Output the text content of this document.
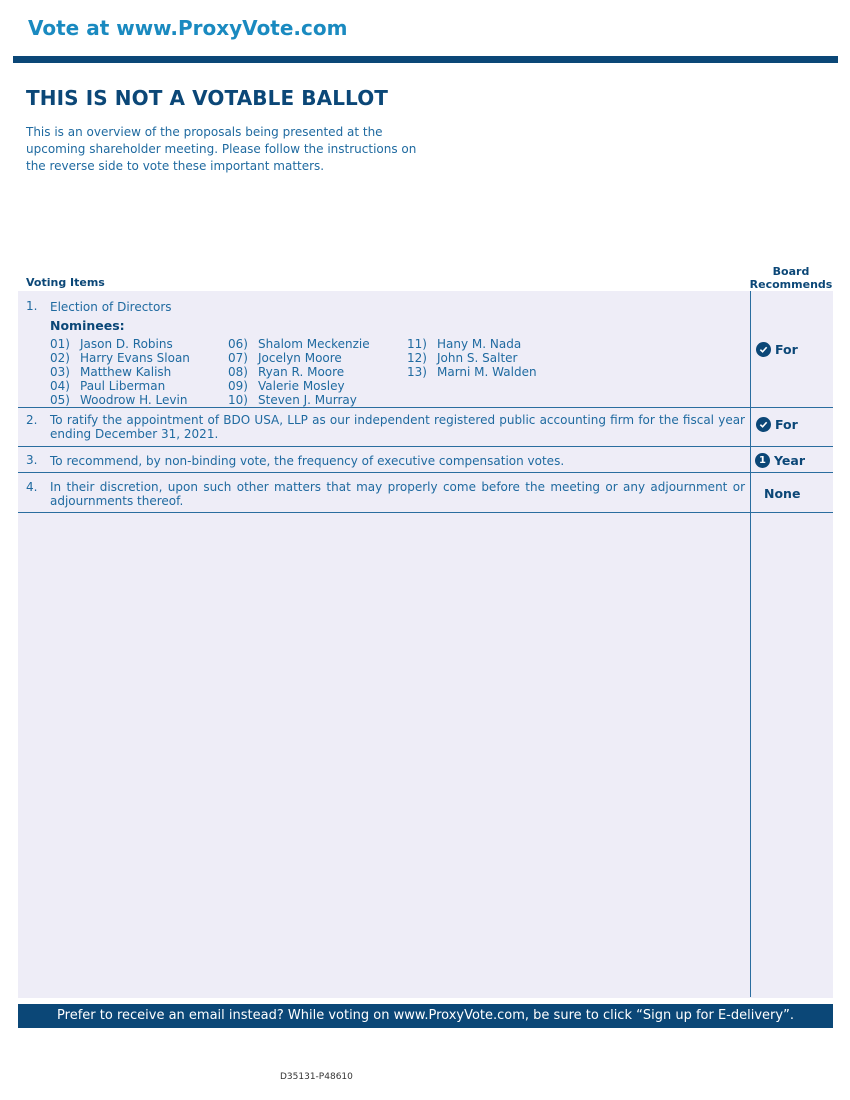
Vote at www.ProxyVote.com
THIS IS NOT A VOTABLE BALLOT
This is an overview of the proposals being presented at the upcoming shareholder meeting. Please follow the instructions on the reverse side to vote these important matters.
Voting Items
Board Recommends
1. Election of Directors
Nominees:
01) Jason D. Robins
02) Harry Evans Sloan
03) Matthew Kalish
04) Paul Liberman
05) Woodrow H. Levin
06) Shalom Meckenzie
07) Jocelyn Moore
08) Ryan R. Moore
09) Valerie Mosley
10) Steven J. Murray
11) Hany M. Nada
12) John S. Salter
13) Marni M. Walden
For
2. To ratify the appointment of BDO USA, LLP as our independent registered public accounting firm for the fiscal year ending December 31, 2021.
For
3. To recommend, by non-binding vote, the frequency of executive compensation votes.	1 Year
4. In their discretion, upon such other matters that may properly come before the meeting or any adjournment or adjournments thereof.	None
Prefer to receive an email instead? While voting on www.ProxyVote.com, be sure to click “Sign up for E-delivery”.
D35131-P48610
